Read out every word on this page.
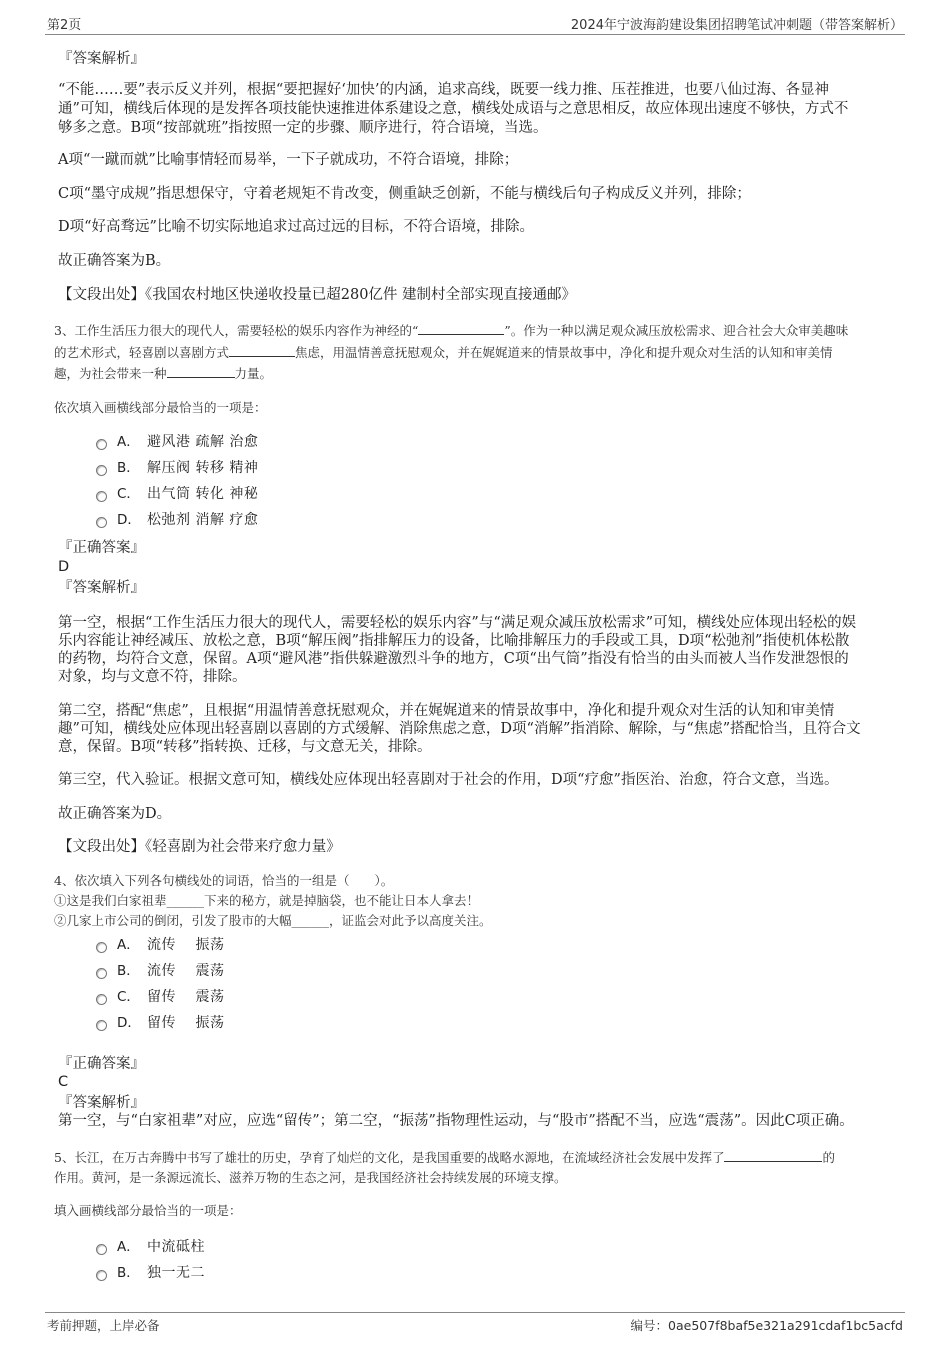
第2页	2024年宁波海韵建设集团招聘笔试冲刺题（带答案解析）
『答案解析』
“不能……要”表示反义并列，根据“要把握好‘加快’的内涵，追求高线，既要一线力推、压茬推进，也要八仙过海、各显神
通”可知，横线后体现的是发挥各项技能快速推进体系建设之意，横线处成语与之意思相反，故应体现出速度不够快，方式不
够多之意。B项“按部就班”指按照一定的步骤、顺序进行，符合语境，当选。
A项“一蹴而就”比喻事情轻而易举，一下子就成功，不符合语境，排除；
C项“墨守成规”指思想保守，守着老规矩不肯改变，侧重缺乏创新，不能与横线后句子构成反义并列，排除；
D项“好高骛远”比喻不切实际地追求过高过远的目标，不符合语境，排除。
故正确答案为B。
【文段出处】《我国农村地区快递收投量已超280亿件 建制村全部实现直接通邮》
3、工作生活压力很大的现代人，需要轻松的娱乐内容作为神经的“	”。作为一种以满足观众减压放松需求、迎合社会大众审美趣味
的艺术形式，轻喜剧以喜剧方式	焦虑，用温情善意抚慰观众，并在娓娓道来的情景故事中，净化和提升观众对生活的认知和审美情
趣，为社会带来一种	力量。
依次填入画横线部分最恰当的一项是：
A． 避风港 疏解 治愈
B． 解压阀 转移 精神
C． 出气筒 转化 神秘
D． 松弛剂 消解 疗愈
『正确答案』
D
『答案解析』
第一空，根据“工作生活压力很大的现代人，需要轻松的娱乐内容”与“满足观众减压放松需求”可知，横线处应体现出轻松的娱
乐内容能让神经减压、放松之意，B项“解压阀”指排解压力的设备，比喻排解压力的手段或工具，D项“松弛剂”指使机体松散
的药物，均符合文意，保留。A项“避风港”指供躲避激烈斗争的地方，C项“出气筒”指没有恰当的由头而被人当作发泄怨恨的
对象，均与文意不符，排除。
第二空，搭配“焦虑”，且根据“用温情善意抚慰观众，并在娓娓道来的情景故事中，净化和提升观众对生活的认知和审美情
趣”可知，横线处应体现出轻喜剧以喜剧的方式缓解、消除焦虑之意，D项“消解”指消除、解除，与“焦虑”搭配恰当，且符合文
意，保留。B项“转移”指转换、迁移，与文意无关，排除。
第三空，代入验证。根据文意可知，横线处应体现出轻喜剧对于社会的作用，D项“疗愈”指医治、治愈，符合文意，当选。
故正确答案为D。
【文段出处】《轻喜剧为社会带来疗愈力量》
4、依次填入下列各句横线处的词语，恰当的一组是（　　）。
①这是我们白家祖辈______下来的秘方，就是掉脑袋，也不能让日本人拿去！
②几家上市公司的倒闭，引发了股市的大幅______，证监会对此予以高度关注。
A． 流传　 振荡
B． 流传　 震荡
C． 留传　 震荡
D． 留传　 振荡
『正确答案』
C
『答案解析』
第一空，与“白家祖辈”对应，应选“留传”；第二空，“振荡”指物理性运动，与“股市”搭配不当，应选“震荡”。因此C项正确。
5、长江，在万古奔腾中书写了雄壮的历史，孕育了灿烂的文化，是我国重要的战略水源地，在流域经济社会发展中发挥了	的
作用。黄河，是一条源远流长、滋养万物的生态之河，是我国经济社会持续发展的环境支撑。
填入画横线部分最恰当的一项是：
A． 中流砥柱
B． 独一无二
考前押题，上岸必备	编号：0ae507f8baf5e321a291cdaf1bc5acfd
